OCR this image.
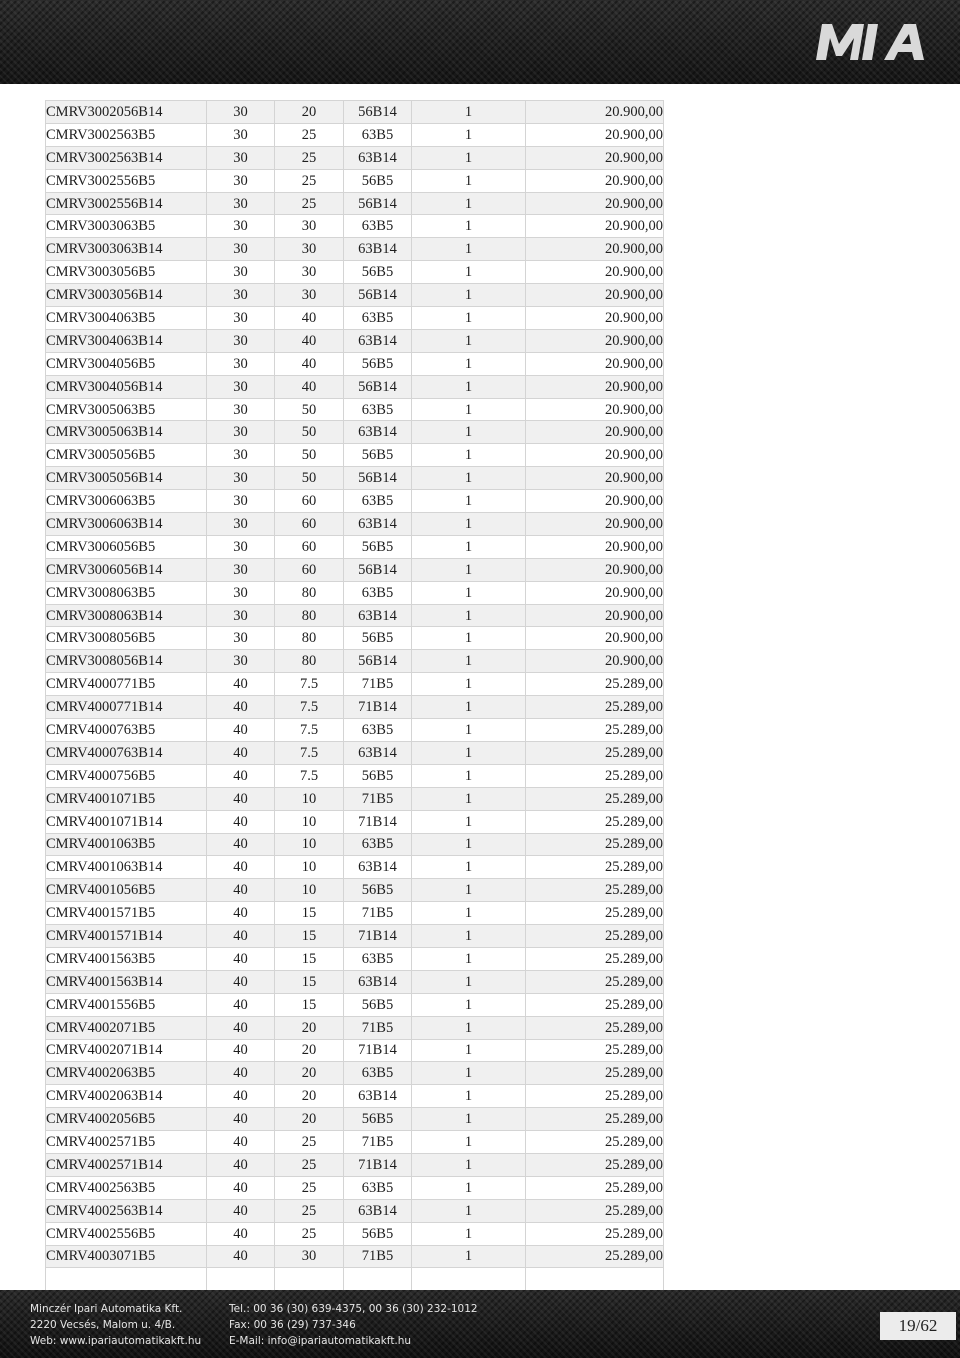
CMRV3002056B14	30	20	56B14	1	20.900,00
CMRV3002563B5	30	25	63B5	1	20.900,00
CMRV3002563B14	30	25	63B14	1	20.900,00
CMRV3002556B5	30	25	56B5	1	20.900,00
CMRV3002556B14	30	25	56B14	1	20.900,00
CMRV3003063B5	30	30	63B5	1	20.900,00
CMRV3003063B14	30	30	63B14	1	20.900,00
CMRV3003056B5	30	30	56B5	1	20.900,00
CMRV3003056B14	30	30	56B14	1	20.900,00
CMRV3004063B5	30	40	63B5	1	20.900,00
CMRV3004063B14	30	40	63B14	1	20.900,00
CMRV3004056B5	30	40	56B5	1	20.900,00
CMRV3004056B14	30	40	56B14	1	20.900,00
CMRV3005063B5	30	50	63B5	1	20.900,00
CMRV3005063B14	30	50	63B14	1	20.900,00
CMRV3005056B5	30	50	56B5	1	20.900,00
CMRV3005056B14	30	50	56B14	1	20.900,00
CMRV3006063B5	30	60	63B5	1	20.900,00
CMRV3006063B14	30	60	63B14	1	20.900,00
CMRV3006056B5	30	60	56B5	1	20.900,00
CMRV3006056B14	30	60	56B14	1	20.900,00
CMRV3008063B5	30	80	63B5	1	20.900,00
CMRV3008063B14	30	80	63B14	1	20.900,00
CMRV3008056B5	30	80	56B5	1	20.900,00
CMRV3008056B14	30	80	56B14	1	20.900,00
CMRV4000771B5	40	7.5	71B5	1	25.289,00
CMRV4000771B14	40	7.5	71B14	1	25.289,00
CMRV4000763B5	40	7.5	63B5	1	25.289,00
CMRV4000763B14	40	7.5	63B14	1	25.289,00
CMRV4000756B5	40	7.5	56B5	1	25.289,00
CMRV4001071B5	40	10	71B5	1	25.289,00
CMRV4001071B14	40	10	71B14	1	25.289,00
CMRV4001063B5	40	10	63B5	1	25.289,00
CMRV4001063B14	40	10	63B14	1	25.289,00
CMRV4001056B5	40	10	56B5	1	25.289,00
CMRV4001571B5	40	15	71B5	1	25.289,00
CMRV4001571B14	40	15	71B14	1	25.289,00
CMRV4001563B5	40	15	63B5	1	25.289,00
CMRV4001563B14	40	15	63B14	1	25.289,00
CMRV4001556B5	40	15	56B5	1	25.289,00
CMRV4002071B5	40	20	71B5	1	25.289,00
CMRV4002071B14	40	20	71B14	1	25.289,00
CMRV4002063B5	40	20	63B5	1	25.289,00
CMRV4002063B14	40	20	63B14	1	25.289,00
CMRV4002056B5	40	20	56B5	1	25.289,00
CMRV4002571B5	40	25	71B5	1	25.289,00
CMRV4002571B14	40	25	71B14	1	25.289,00
CMRV4002563B5	40	25	63B5	1	25.289,00
CMRV4002563B14	40	25	63B14	1	25.289,00
CMRV4002556B5	40	25	56B5	1	25.289,00
CMRV4003071B5	40	30	71B5	1	25.289,00

Minczér Ipari Automatika Kft.
2220 Vecsés, Malom u. 4/B.
Web: www.ipariautomatikakft.hu
Tel.: 00 36 (30) 639-4375, 00 36 (30) 232-1012
Fax: 00 36 (29) 737-346
E-Mail: info@ipariautomatikakft.hu
19/62
